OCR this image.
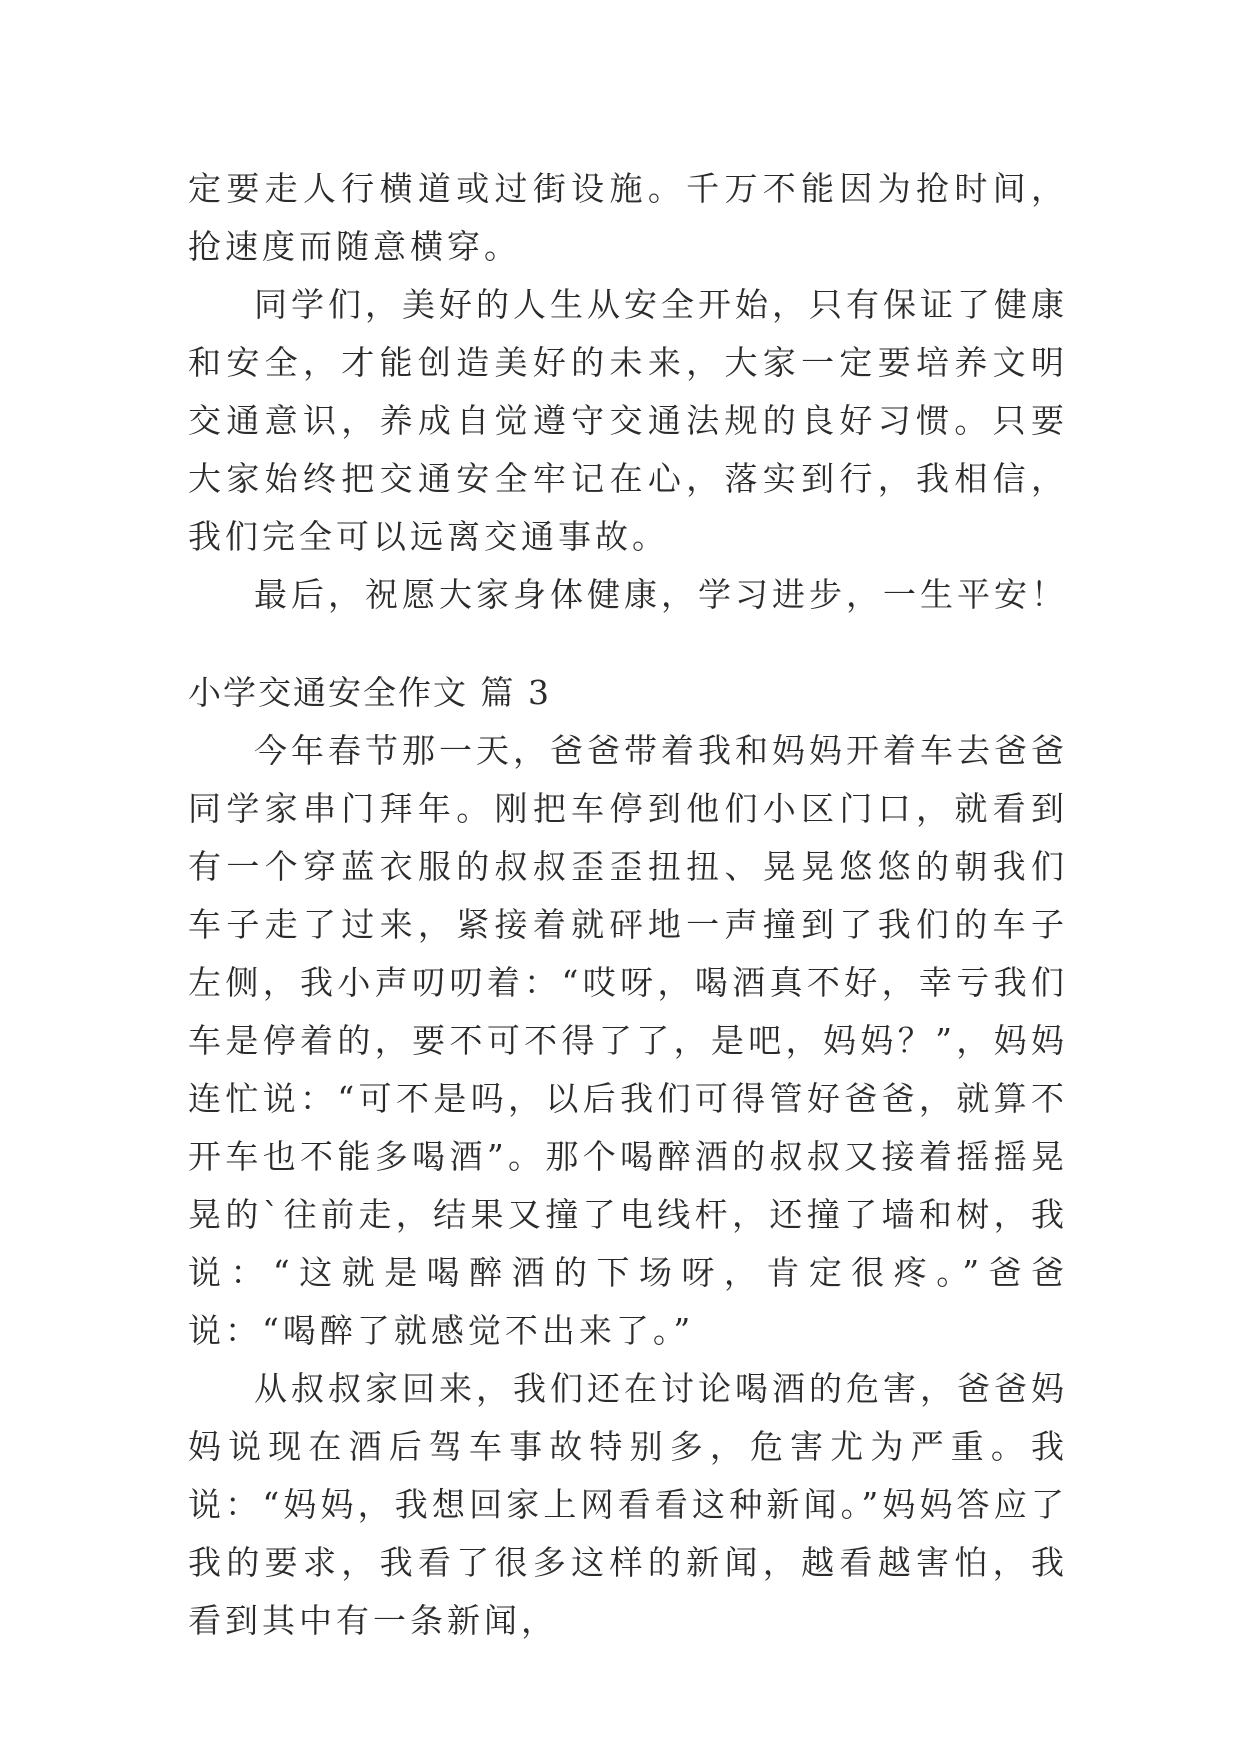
定要走人行横道或过街设施。千万不能因为抢时间，抢速度而随意横穿。

同学们，美好的人生从安全开始，只有保证了健康和安全，才能创造美好的未来，大家一定要培养文明交通意识，养成自觉遵守交通法规的良好习惯。只要大家始终把交通安全牢记在心，落实到行，我相信，我们完全可以远离交通事故。

最后，祝愿大家身体健康，学习进步，一生平安！

小学交通安全作文 篇 3

今年春节那一天，爸爸带着我和妈妈开着车去爸爸同学家串门拜年。刚把车停到他们小区门口，就看到有一个穿蓝衣服的叔叔歪歪扭扭、晃晃悠悠的朝我们车子走了过来，紧接着就砰地一声撞到了我们的车子左侧，我小声叨叨着：“哎呀，喝酒真不好，幸亏我们车是停着的，要不可不得了了，是吧，妈妈？”，妈妈连忙说：“可不是吗，以后我们可得管好爸爸，就算不开车也不能多喝酒”。那个喝醉酒的叔叔又接着摇摇晃晃的`往前走，结果又撞了电线杆，还撞了墙和树，我说：“这就是喝醉酒的下场呀，肯定很疼。”爸爸说：“喝醉了就感觉不出来了。”

从叔叔家回来，我们还在讨论喝酒的危害，爸爸妈妈说现在酒后驾车事故特别多，危害尤为严重。我说：“妈妈，我想回家上网看看这种新闻。”妈妈答应了我的要求，我看了很多这样的新闻，越看越害怕，我看到其中有一条新闻，
